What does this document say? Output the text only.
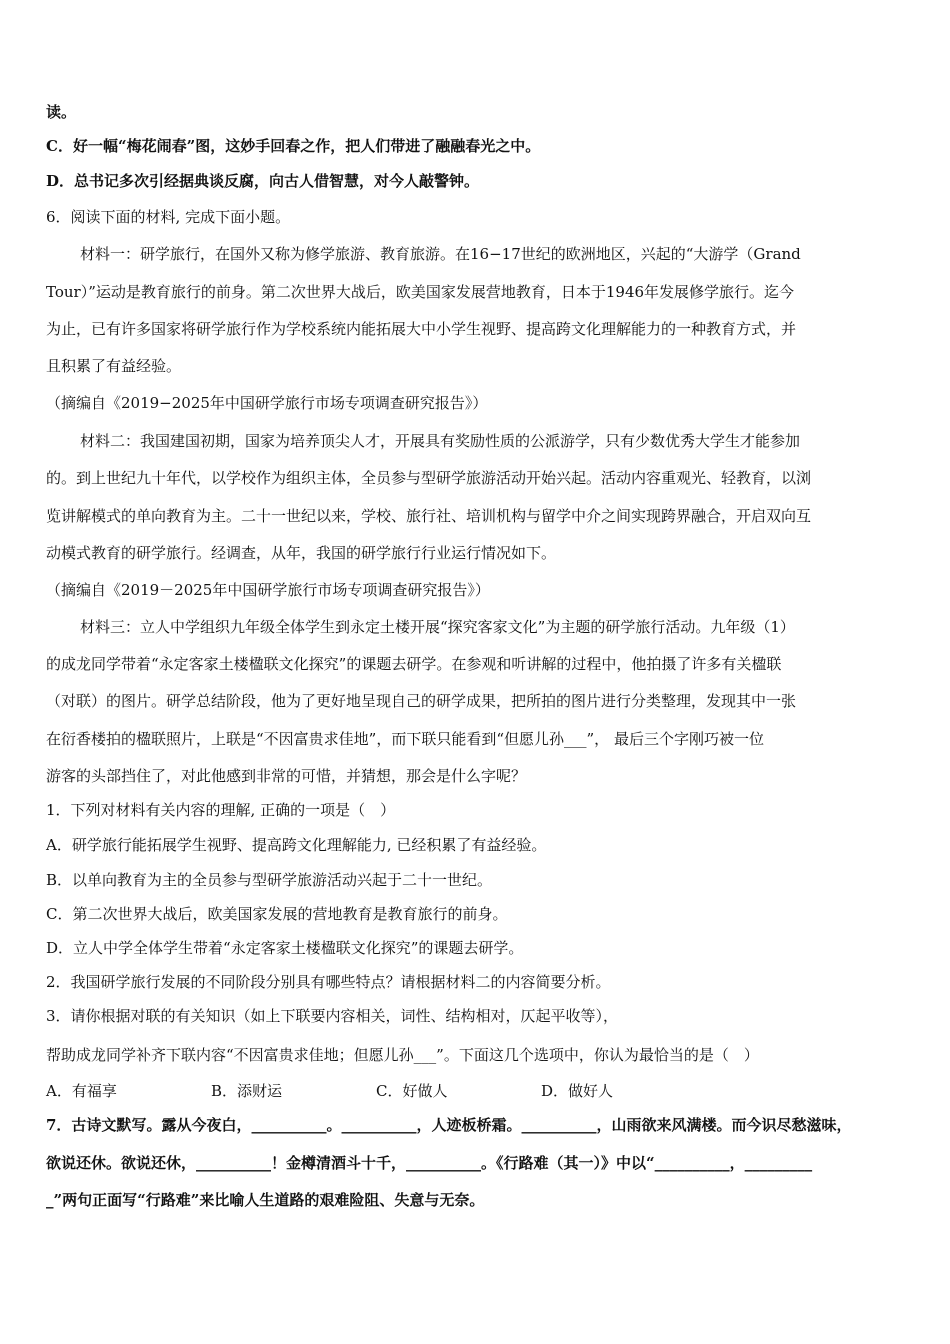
读。
C．好一幅“梅花闹春”图，这妙手回春之作，把人们带进了融融春光之中。
D．总书记多次引经据典谈反腐，向古人借智慧，对今人敲警钟。
6．阅读下面的材料, 完成下面小题。
材料一：研学旅行，在国外又称为修学旅游、教育旅游。在16−17世纪的欧洲地区，兴起的“大游学（Grand
Tour）”运动是教育旅行的前身。第二次世界大战后，欧美国家发展营地教育，日本于1946年发展修学旅行。迄今
为止，已有许多国家将研学旅行作为学校系统内能拓展大中小学生视野、提高跨文化理解能力的一种教育方式，并
且积累了有益经验。
（摘编自《2019−2025年中国研学旅行市场专项调查研究报告》）
材料二：我国建国初期，国家为培养顶尖人才，开展具有奖励性质的公派游学，只有少数优秀大学生才能参加
的。到上世纪九十年代，以学校作为组织主体，全员参与型研学旅游活动开始兴起。活动内容重观光、轻教育，以浏
览讲解模式的单向教育为主。二十一世纪以来，学校、旅行社、培训机构与留学中介之间实现跨界融合，开启双向互
动模式教育的研学旅行。经调查，从年，我国的研学旅行行业运行情况如下。
（摘编自《2019－2025年中国研学旅行市场专项调查研究报告》）
材料三：立人中学组织九年级全体学生到永定土楼开展“探究客家文化”为主题的研学旅行活动。九年级（1）
的成龙同学带着“永定客家土楼楹联文化探究”的课题去研学。在参观和听讲解的过程中，他拍摄了许多有关楹联
（对联）的图片。研学总结阶段，他为了更好地呈现自己的研学成果，把所拍的图片进行分类整理，发现其中一张
在衍香楼拍的楹联照片，上联是“不因富贵求佳地”，而下联只能看到“但愿儿孙___”， 最后三个字刚巧被一位
游客的头部挡住了，对此他感到非常的可惜，并猜想，那会是什么字呢？
1．下列对材料有关内容的理解, 正确的一项是（　）
A．研学旅行能拓展学生视野、提高跨文化理解能力, 已经积累了有益经验。
B．以单向教育为主的全员参与型研学旅游活动兴起于二十一世纪。
C．第二次世界大战后，欧美国家发展的营地教育是教育旅行的前身。
D．立人中学全体学生带着“永定客家土楼楹联文化探究”的课题去研学。
2．我国研学旅行发展的不同阶段分别具有哪些特点？请根据材料二的内容简要分析。
3．请你根据对联的有关知识（如上下联要内容相关，词性、结构相对，仄起平收等），
帮助成龙同学补齐下联内容“不因富贵求佳地；但愿儿孙___”。下面这几个选项中，你认为最恰当的是（　）
A．有福享	B．添财运	C．好做人	D．做好人
7．古诗文默写。露从今夜白，__________。__________，人迹板桥霜。__________，山雨欲来风满楼。而今识尽愁滋味，
欲说还休。欲说还休，__________！金樽清酒斗十千，__________。《行路难（其一）》中以“__________，_________
_”两句正面写“行路难”来比喻人生道路的艰难险阻、失意与无奈。
